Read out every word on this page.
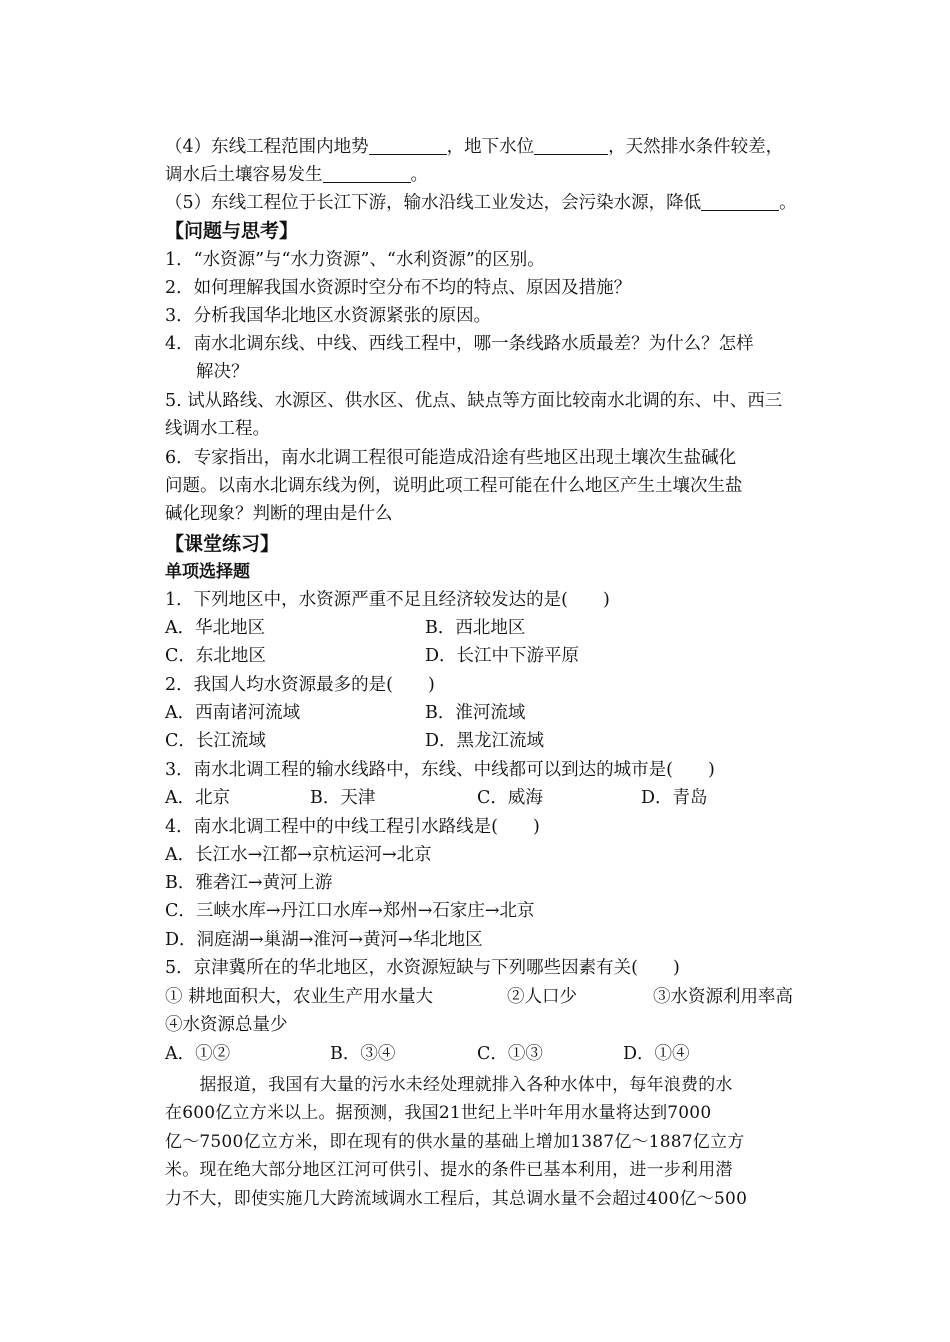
（4）东线工程范围内地势	，地下水位	，天然排水条件较差，
调水后土壤容易发生	。
（5）东线工程位于长江下游，输水沿线工业发达，会污染水源，降低	。
【问题与思考】
1．“水资源”与“水力资源”、“水利资源”的区别。
2．如何理解我国水资源时空分布不均的特点、原因及措施？
3．分析我国华北地区水资源紧张的原因。
4．南水北调东线、中线、西线工程中，哪一条线路水质最差？为什么？怎样
解决？
5. 试从路线、水源区、供水区、优点、缺点等方面比较南水北调的东、中、西三
线调水工程。
6．专家指出，南水北调工程很可能造成沿途有些地区出现土壤次生盐碱化
问题。以南水北调东线为例，说明此项工程可能在什么地区产生土壤次生盐
碱化现象？判断的理由是什么
【课堂练习】
单项选择题
1．下列地区中，水资源严重不足且经济较发达的是(　　)
A．华北地区	B．西北地区
C．东北地区	D．长江中下游平原
2．我国人均水资源最多的是(　　)
A．西南诸河流域	B．淮河流域
C．长江流域	D．黑龙江流域
3．南水北调工程的输水线路中，东线、中线都可以到达的城市是(　　)
A．北京	B．天津	C．威海	D．青岛
4．南水北调工程中的中线工程引水路线是(　　)
A．长江水→江都→京杭运河→北京
B．雅砻江→黄河上游
C．三峡水库→丹江口水库→郑州→石家庄→北京
D．洞庭湖→巢湖→淮河→黄河→华北地区
5．京津冀所在的华北地区，水资源短缺与下列哪些因素有关(　　)
① 耕地面积大，农业生产用水量大	②人口少	③水资源利用率高
④水资源总量少
A．①②	B．③④	C．①③	D．①④
　　据报道，我国有大量的污水未经处理就排入各种水体中，每年浪费的水
在600亿立方米以上。据预测，我国21世纪上半叶年用水量将达到7000
亿～7500亿立方米，即在现有的供水量的基础上增加1387亿～1887亿立方
米。现在绝大部分地区江河可供引、提水的条件已基本利用，进一步利用潜
力不大，即使实施几大跨流域调水工程后，其总调水量不会超过400亿～500
